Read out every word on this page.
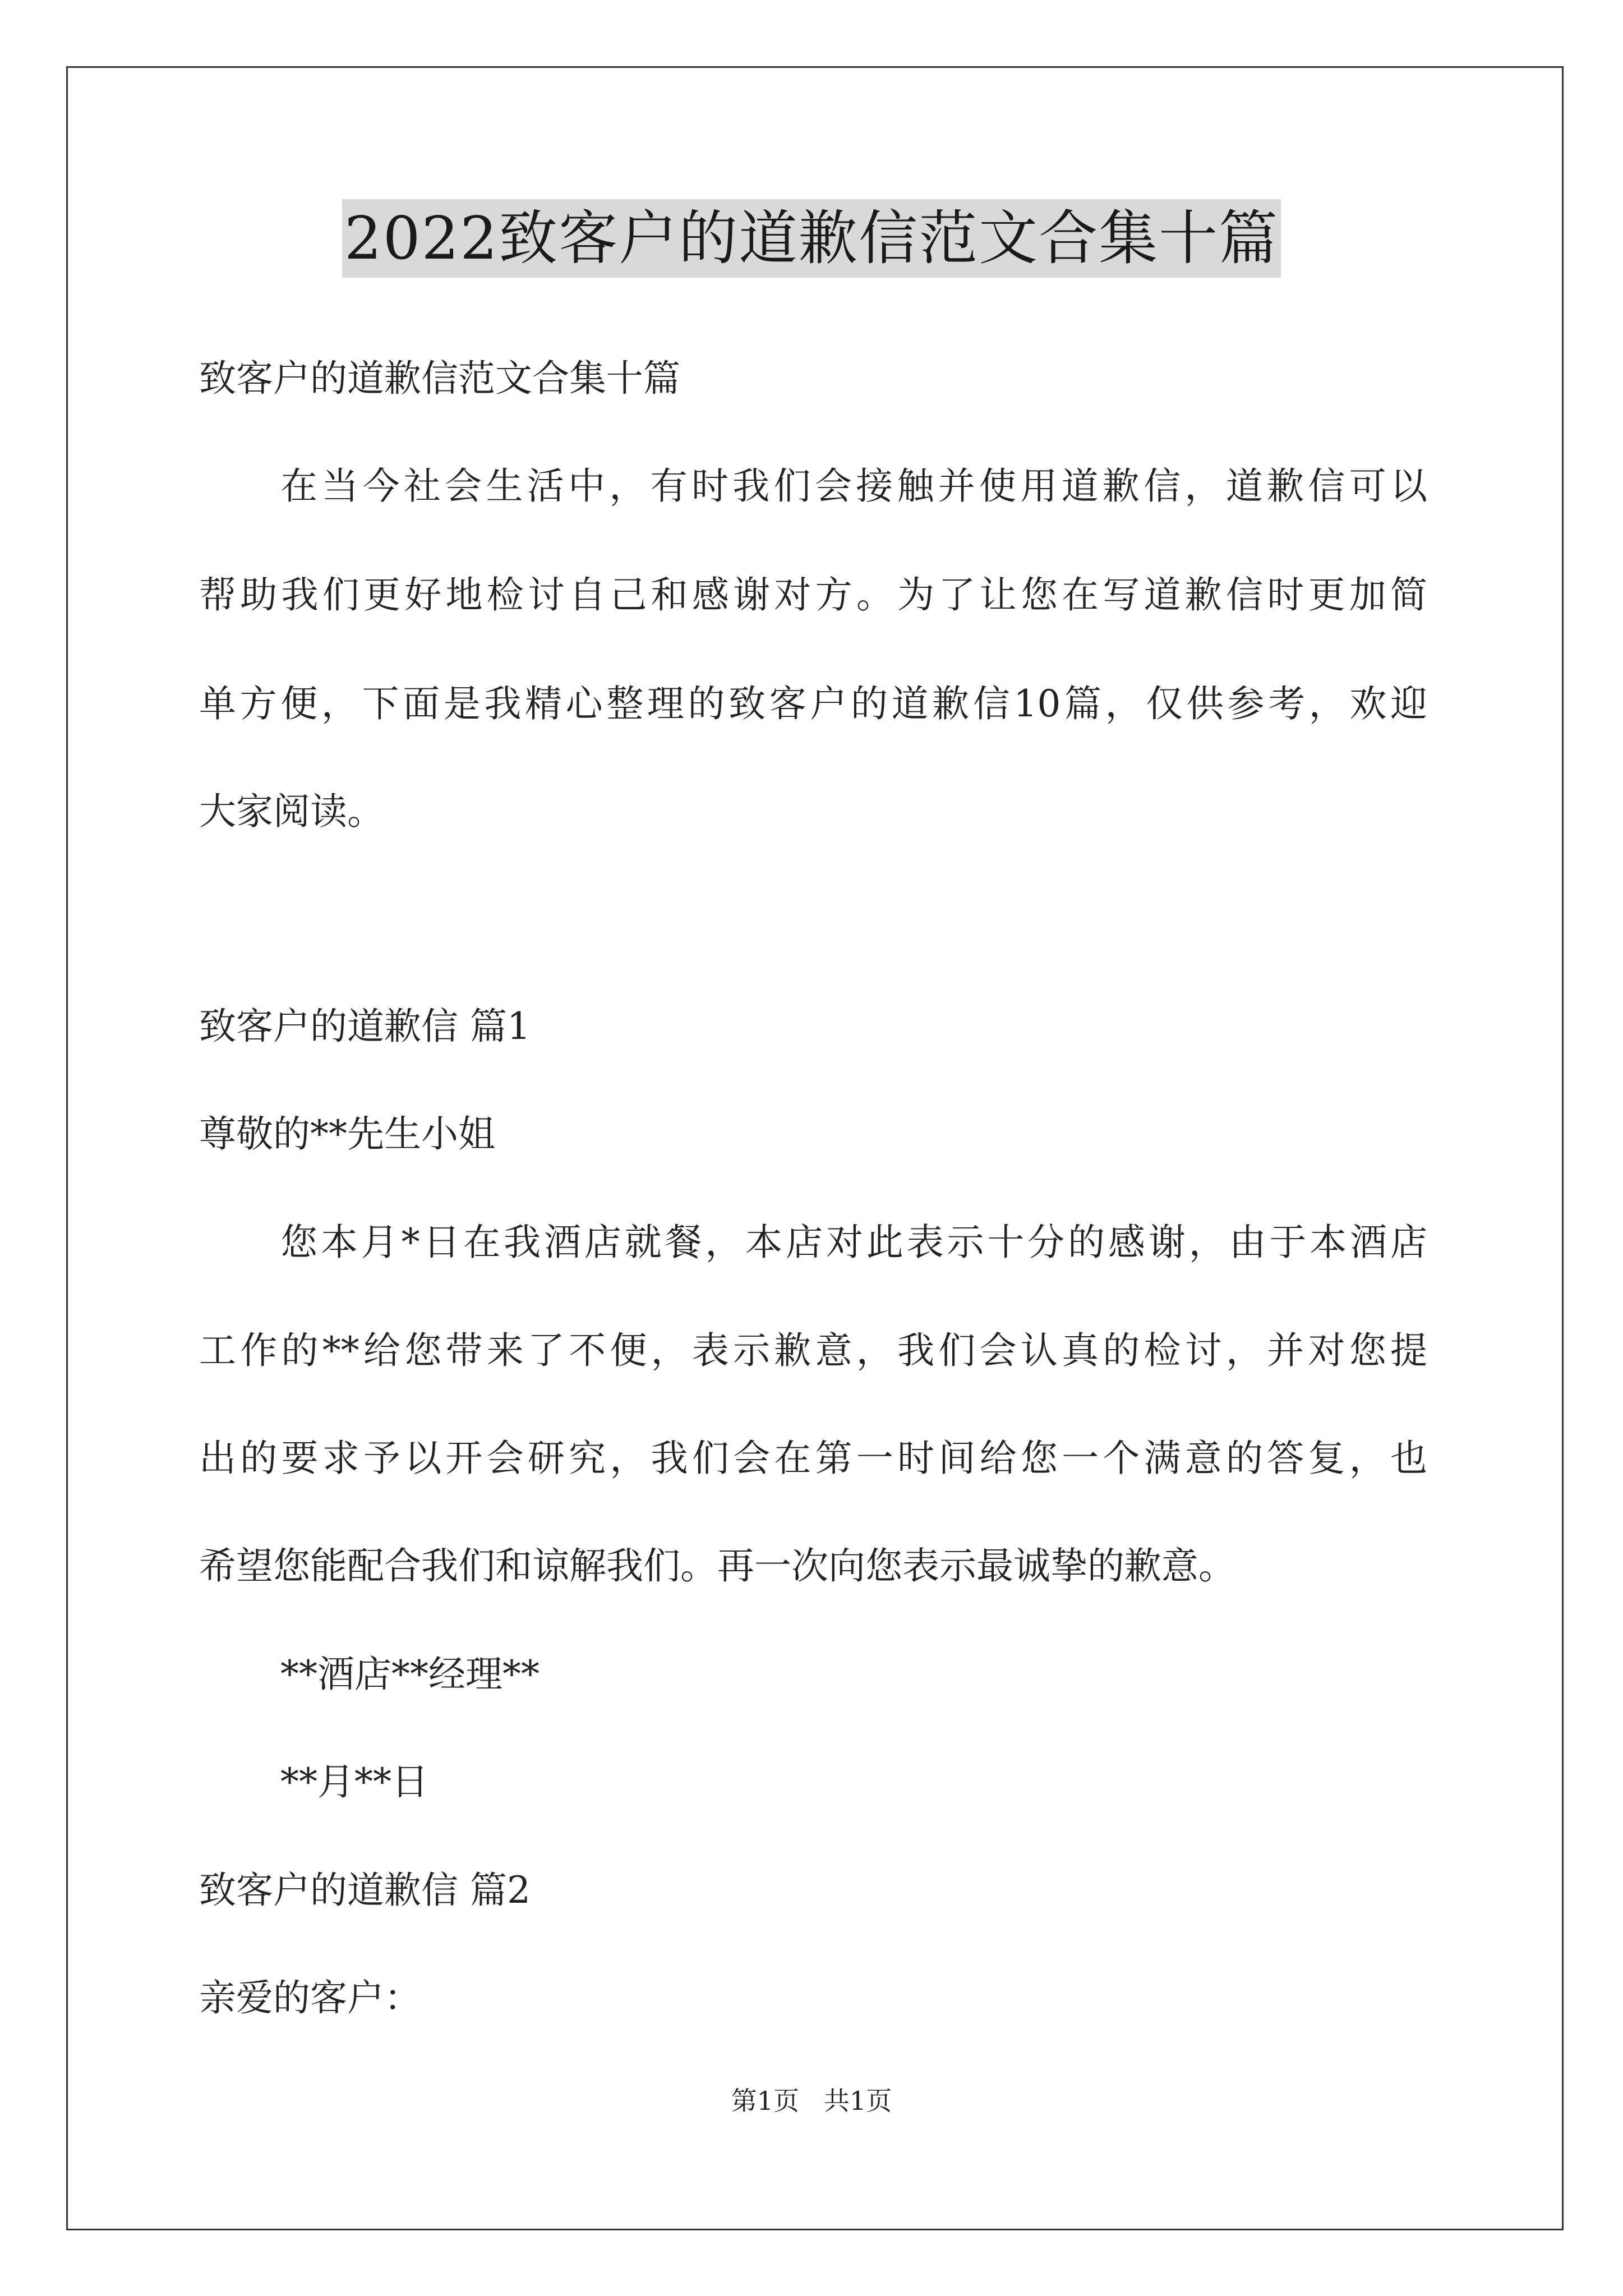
2022致客户的道歉信范文合集十篇
致客户的道歉信范文合集十篇
在当今社会生活中，有时我们会接触并使用道歉信，道歉信可以
帮助我们更好地检讨自己和感谢对方。为了让您在写道歉信时更加简
单方便，下面是我精心整理的致客户的道歉信10篇，仅供参考，欢迎
大家阅读。
致客户的道歉信 篇1
尊敬的**先生小姐
您本月*日在我酒店就餐，本店对此表示十分的感谢，由于本酒店
工作的**给您带来了不便，表示歉意，我们会认真的检讨，并对您提
出的要求予以开会研究，我们会在第一时间给您一个满意的答复，也
希望您能配合我们和谅解我们。再一次向您表示最诚挚的歉意。
**酒店**经理**
**月**日
致客户的道歉信 篇2
亲爱的客户：
第1页   共1页
